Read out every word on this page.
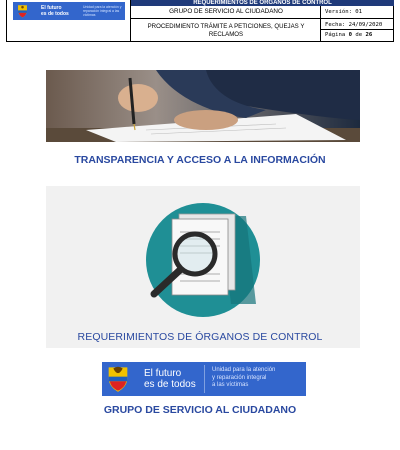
El futuro
es de todos
Unidad para la atención y reparación integral a las víctimas	GRUPO DE SERVICIO AL CIUDADANO
PROCEDIMIENTO TRÁMITE A PETICIONES, QUEJAS Y RECLAMOS
Versión: 01
Fecha: 24/09/2020
Página 0 de 26
REQUERIMIENTOS DE ÓRGANOS DE CONTROL
TRANSPARENCIA Y ACCESO A LA INFORMACIÓN
REQUERIMIENTOS DE ÓRGANOS DE CONTROL
El futuro
es de todos
Unidad para la atención
y reparación integral
a las víctimas
GRUPO DE SERVICIO AL CIUDADANO
